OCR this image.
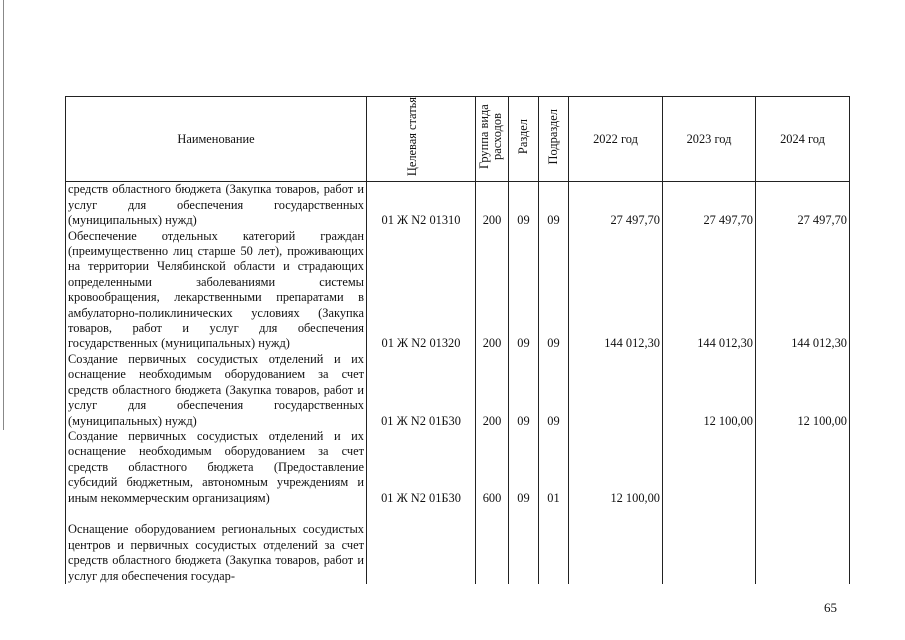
Наименование	Целевая статья	Группа вида расходов	Раздел	Подраздел	2022 год	2023 год	2024 год
средств областного бюджета (Закупка товаров, работ и услуг для обеспечения государственных (муниципальных) нужд)	01 Ж N2 01310	200	09	09	27 497,70	27 497,70	27 497,70
Обеспечение отдельных категорий граждан (преимущественно лиц старше 50 лет), проживающих на территории Челябинской области и страдающих определенными заболеваниями системы кровообращения, лекарственными препаратами в амбулаторно-поликлинических условиях (Закупка товаров, работ и услуг для обеспечения государственных (муниципальных) нужд)	01 Ж N2 01320	200	09	09	144 012,30	144 012,30	144 012,30
Создание первичных сосудистых отделений и их оснащение необходимым оборудованием за счет средств областного бюджета (Закупка товаров, работ и услуг для обеспечения государственных (муниципальных) нужд)	01 Ж N2 01Б30	200	09	09		12 100,00	12 100,00
Создание первичных сосудистых отделений и их оснащение необходимым оборудованием за счет средств областного бюджета (Предоставление субсидий бюджетным, автономным учреждениям и иным некоммерческим организациям)	01 Ж N2 01Б30	600	09	01	12 100,00		
Оснащение оборудованием региональных сосудистых центров и первичных сосудистых отделений за счет средств областного бюджета (Закупка товаров, работ и услуг для обеспечения государ-							
65
